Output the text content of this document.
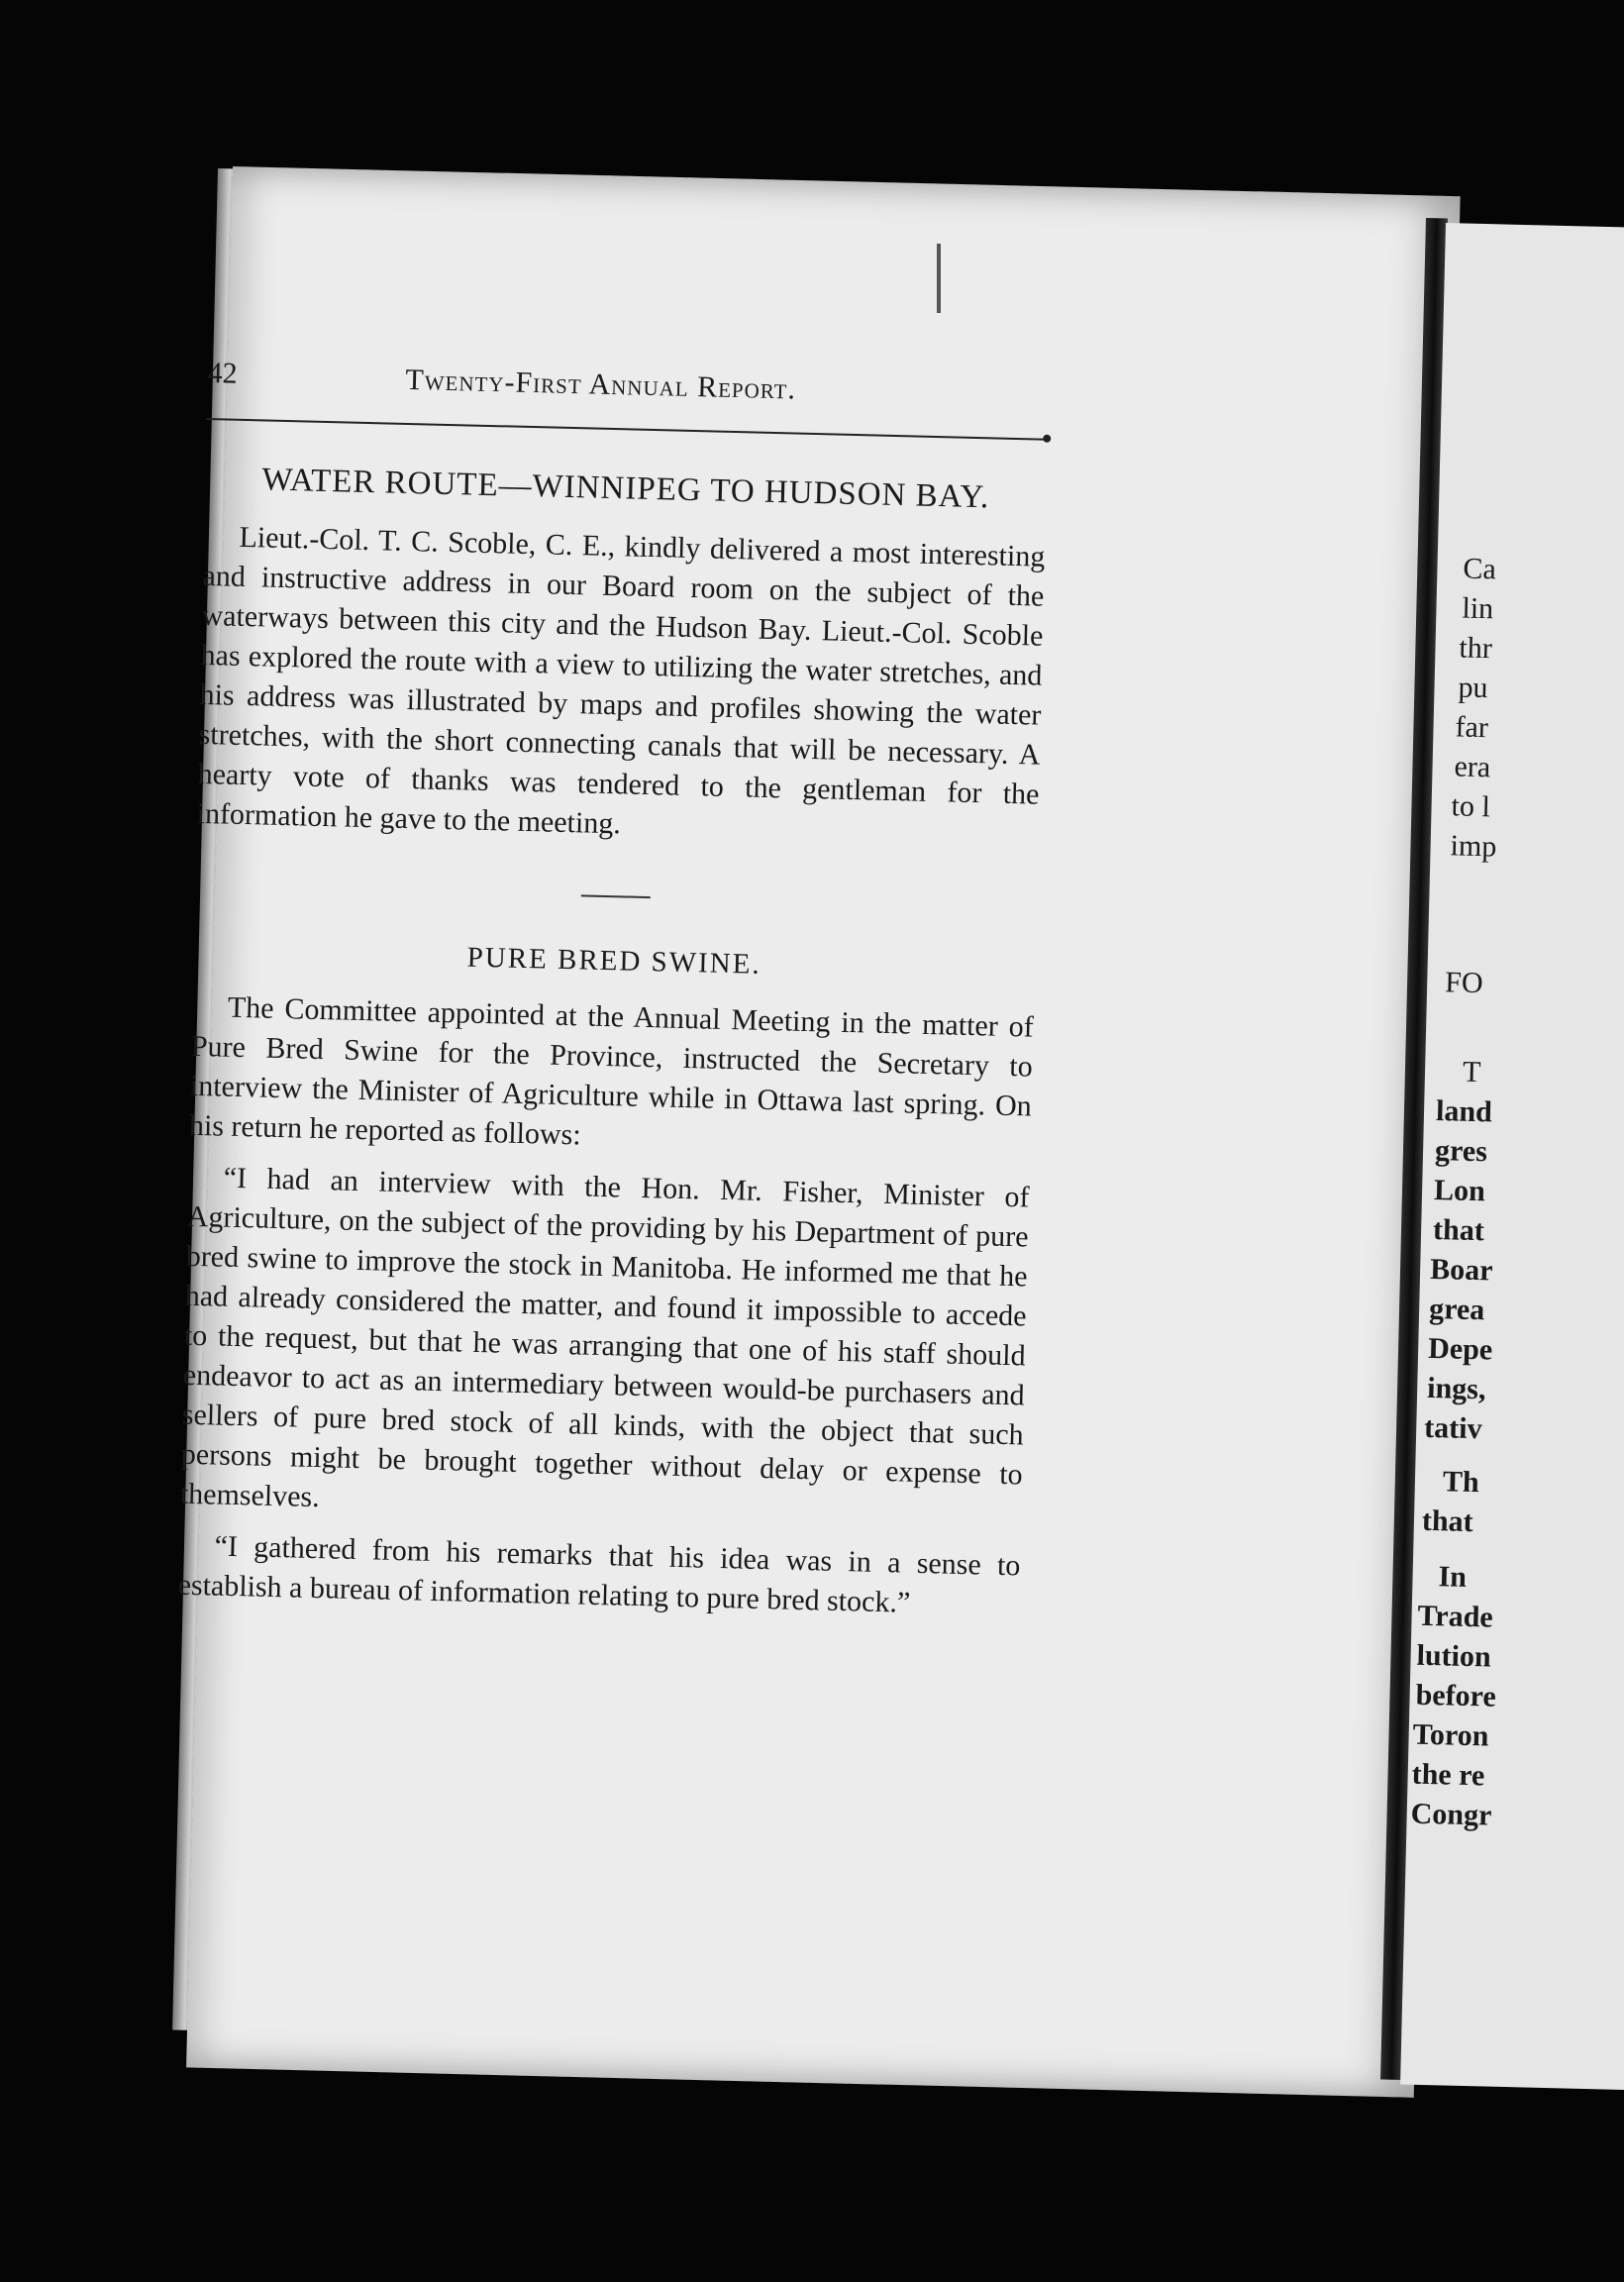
Ca
lin
thr
pu
far
era
to l
imp
FO
T
land
gres
Lon
that
Boar
grea
Depe
ings,
tativ
Th
that
In
Trade
lution
before
Toron
the re
Congr
42	Twenty-First Annual Report.
WATER ROUTE—WINNIPEG TO HUDSON BAY.

Lieut.-Col. T. C. Scoble, C. E., kindly delivered a most interesting and instructive address in our Board room on the subject of the waterways between this city and the Hudson Bay. Lieut.-Col. Scoble has explored the route with a view to utilizing the water stretches, and his address was illustrated by maps and profiles showing the water stretches, with the short connecting canals that will be necessary. A hearty vote of thanks was tendered to the gentleman for the information he gave to the meeting.

PURE BRED SWINE.

The Committee appointed at the Annual Meeting in the matter of Pure Bred Swine for the Province, instructed the Secretary to interview the Minister of Agriculture while in Ottawa last spring. On his return he reported as follows:

“I had an interview with the Hon. Mr. Fisher, Minister of Agriculture, on the subject of the providing by his Department of pure bred swine to improve the stock in Manitoba. He informed me that he had already considered the matter, and found it impossible to accede to the request, but that he was arranging that one of his staff should endeavor to act as an intermediary between would-be purchasers and sellers of pure bred stock of all kinds, with the object that such persons might be brought together without delay or expense to themselves.

“I gathered from his remarks that his idea was in a sense to establish a bureau of information relating to pure bred stock.”
